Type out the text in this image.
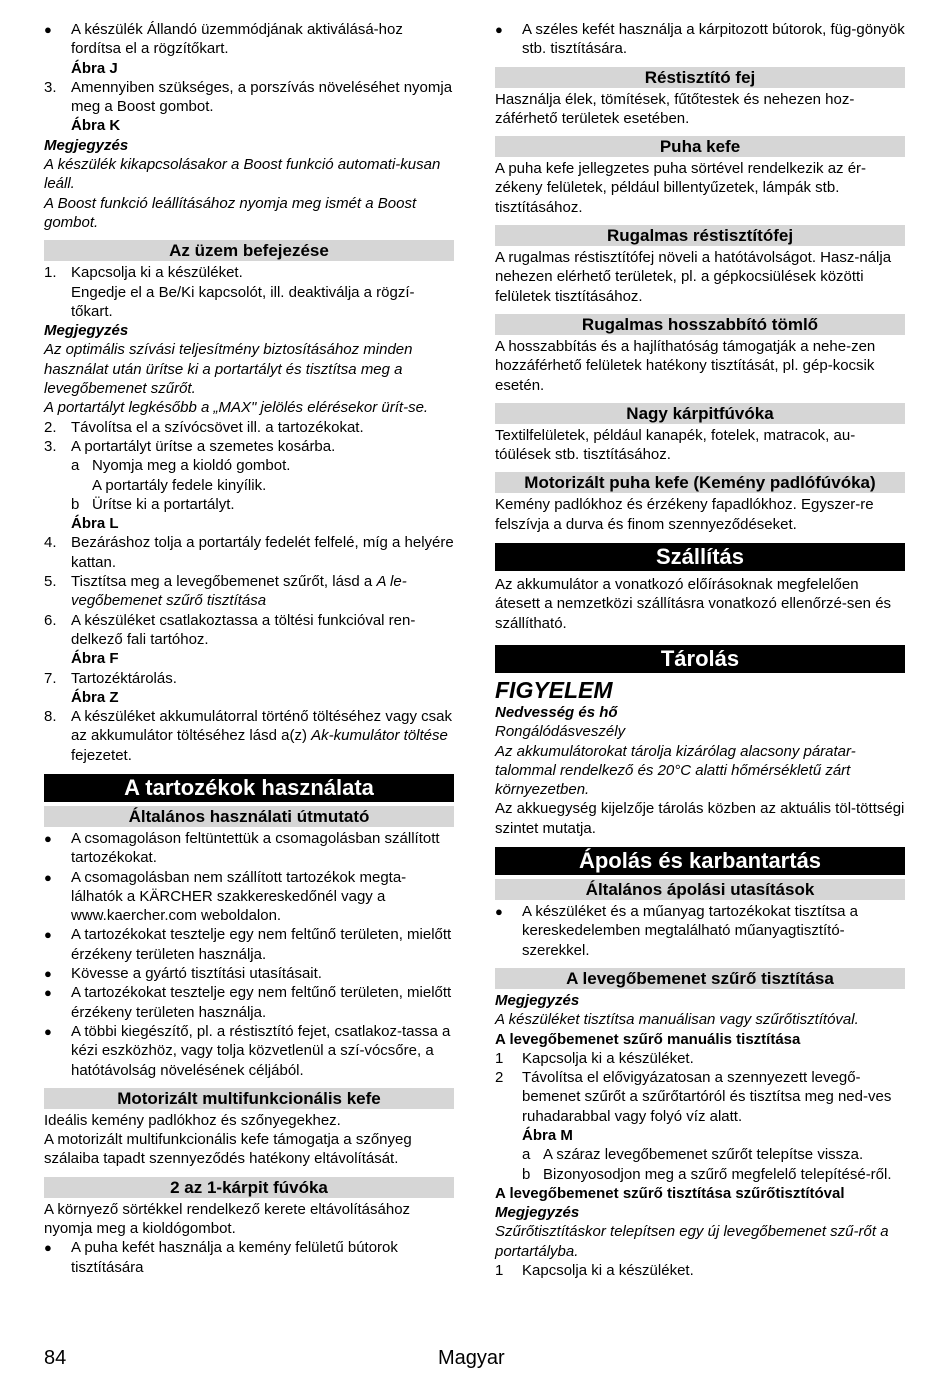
●	A készülék Állandó üzemmódjának aktiválásá-hoz fordítsa el a rögzítőkart.

Ábra J

3. Amennyiben szükséges, a porszívás növeléséhet nyomja meg a Boost gombot.

Ábra K

Megjegyzés

A készülék kikapcsolásakor a Boost funkció automati-kusan leáll.

A Boost funkció leállításához nyomja meg ismét a Boost gombot.

Az üzem befejezése
1. Kapcsolja ki a készüléket.

Engedje el a Be/Ki kapcsolót, ill. deaktiválja a rögzí-tőkart.

Megjegyzés

Az optimális szívási teljesítmény biztosításához minden használat után ürítse ki a portartályt és tisztítsa meg a levegőbemenet szűrőt.

A portartályt legkésőbb a „MAX" jelölés elérésekor ürít-se.

2. Távolítsa el a szívócsövet ill. a tartozékokat.
3. A portartályt ürítse a szemetes kosárba.
a Nyomja meg a kioldó gombot.

A portartály fedele kinyílik.

b Ürítse ki a portartályt.

Ábra L

4. Bezáráshoz tolja a portartály fedelét felfelé, míg a helyére kattan.
5. Tisztítsa meg a levegőbemenet szűrőt, lásd a A le-vegőbemenet szűrő tisztítása
6. A készüléket csatlakoztassa a töltési funkcióval ren-delkező fali tartóhoz.

Ábra F

7. Tartozéktárolás.

Ábra Z

8. A készüléket akkumulátorral történő töltéséhez vagy csak az akkumulátor töltéséhez lásd a(z) Ak-kumulátor töltése fejezetet.
A tartozékok használata
Általános használati útmutató
●	A csomagoláson feltüntettük a csomagolásban szállított tartozékokat.
●	A csomagolásban nem szállított tartozékok megta-lálhatók a KÄRCHER szakkereskedőnél vagy a www.kaercher.com weboldalon.
●	A tartozékokat tesztelje egy nem feltűnő területen, mielőtt érzékeny területen használja.
●	Kövesse a gyártó tisztítási utasításait.
●	A tartozékokat tesztelje egy nem feltűnő területen, mielőtt érzékeny területen használja.
●	A többi kiegészítő, pl. a réstisztító fejet, csatlakoz-tassa a kézi eszközhöz, vagy tolja közvetlenül a szí-vócsőre, a hatótávolság növelésének céljából.
Motorizált multifunkcionális kefe

Ideális kemény padlókhoz és szőnyegekhez.

A motorizált multifunkcionális kefe támogatja a szőnyeg szálaiba tapadt szennyeződés hatékony eltávolítását.

2 az 1-kárpit fúvóka

A környező sörtékkel rendelkező kerete eltávolításához nyomja meg a kioldógombot.

●	A puha kefét használja a kemény felületű bútorok tisztítására
●	A széles kefét használja a kárpitozott bútorok, füg-gönyök stb. tisztítására.
Réstisztító fej

Használja élek, tömítések, fűtőtestek és nehezen hoz-záférhető területek esetében.

Puha kefe

A puha kefe jellegzetes puha sörtével rendelkezik az ér-zékeny felületek, például billentyűzetek, lámpák stb. tisztításához.

Rugalmas réstisztítófej

A rugalmas réstisztítófej növeli a hatótávolságot. Hasz-nálja nehezen elérhető területek, pl. a gépkocsiülések közötti felületek tisztításához.

Rugalmas hosszabbító tömlő

A hosszabbítás és a hajlíthatóság támogatják a nehe-zen hozzáférhető felületek hatékony tisztítását, pl. gép-kocsik esetén.

Nagy kárpitfúvóka

Textilfelületek, például kanapék, fotelek, matracok, au-tóülések stb. tisztításához.

Motorizált puha kefe (Kemény padlófúvóka)

Kemény padlókhoz és érzékeny fapadlókhoz. Egyszer-re felszívja a durva és finom szennyeződéseket.

Szállítás

Az akkumulátor a vonatkozó előírásoknak megfelelően átesett a nemzetközi szállításra vonatkozó ellenőrzé-sen és szállítható.

Tárolás

FIGYELEM

Nedvesség és hő

Rongálódásveszély

Az akkumulátorokat tárolja kizárólag alacsony páratar-talommal rendelkező és 20°C alatti hőmérsékletű zárt környezetben.

Az akkuegység kijelzője tárolás közben az aktuális töl-töttségi szintet mutatja.

Ápolás és karbantartás
Általános ápolási utasítások
●	A készüléket és a műanyag tartozékokat tisztítsa a kereskedelemben megtalálható műanyagtisztító-szerekkel.
A levegőbemenet szűrő tisztítása

Megjegyzés

A készüléket tisztítsa manuálisan vagy szűrőtisztítóval.

A levegőbemenet szűrő manuális tisztítása

1	Kapcsolja ki a készüléket.
2	Távolítsa el elővigyázatosan a szennyezett levegő-bemenet szűrőt a szűrőtartóról és tisztítsa meg ned-ves ruhadarabbal vagy folyó víz alatt.

Ábra M

a A száraz levegőbemenet szűrőt telepítse vissza.
b Bizonyosodjon meg a szűrő megfelelő telepítésé-ről.

A levegőbemenet szűrő tisztítása szűrőtisztítóval

Megjegyzés

Szűrőtisztításkor telepítsen egy új levegőbemenet szű-rőt a portartályba.

1	Kapcsolja ki a készüléket.
84	Magyar
